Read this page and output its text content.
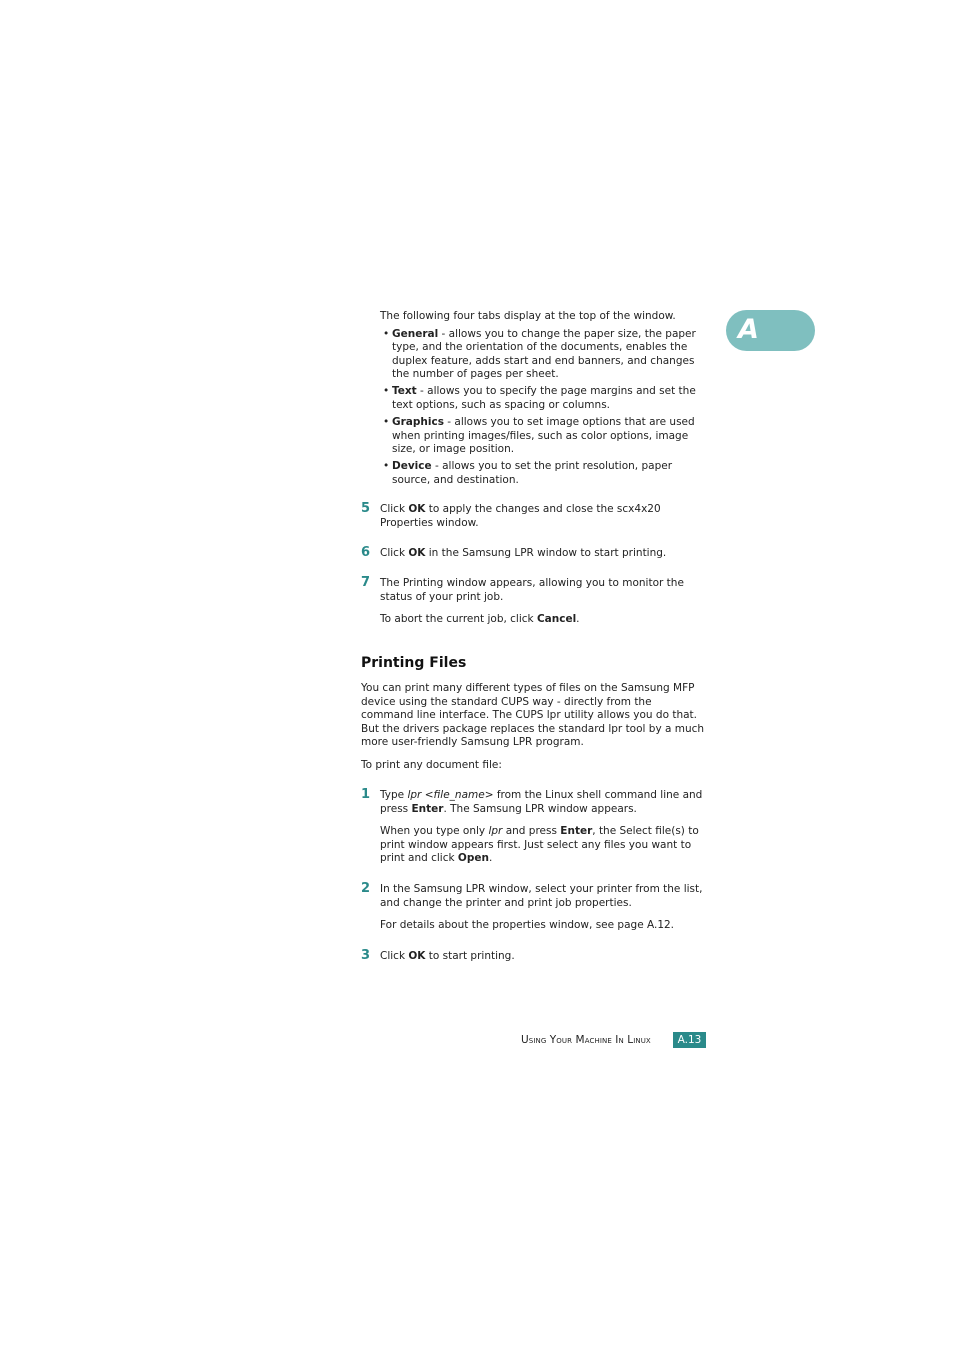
A

The following four tabs display at the top of the window.

• General - allows you to change the paper size, the paper type, and the orientation of the documents, enables the duplex feature, adds start and end banners, and changes the number of pages per sheet.
• Text - allows you to specify the page margins and set the text options, such as spacing or columns.
• Graphics - allows you to set image options that are used when printing images/files, such as color options, image size, or image position.
• Device - allows you to set the print resolution, paper source, and destination.
5 Click OK to apply the changes and close the scx4x20 Properties window.

6 Click OK in the Samsung LPR window to start printing.

7 The Printing window appears, allowing you to monitor the status of your print job.

To abort the current job, click Cancel.

Printing Files

You can print many different types of files on the Samsung MFP device using the standard CUPS way - directly from the command line interface. The CUPS lpr utility allows you do that. But the drivers package replaces the standard lpr tool by a much more user-friendly Samsung LPR program.

To print any document file:

1 Type lpr <file_name> from the Linux shell command line and press Enter. The Samsung LPR window appears.

When you type only lpr and press Enter, the Select file(s) to print window appears first. Just select any files you want to print and click Open.

2 In the Samsung LPR window, select your printer from the list, and change the printer and print job properties.

For details about the properties window, see page A.12.

3 Click OK to start printing.

Using Your Machine In Linux	A.13
